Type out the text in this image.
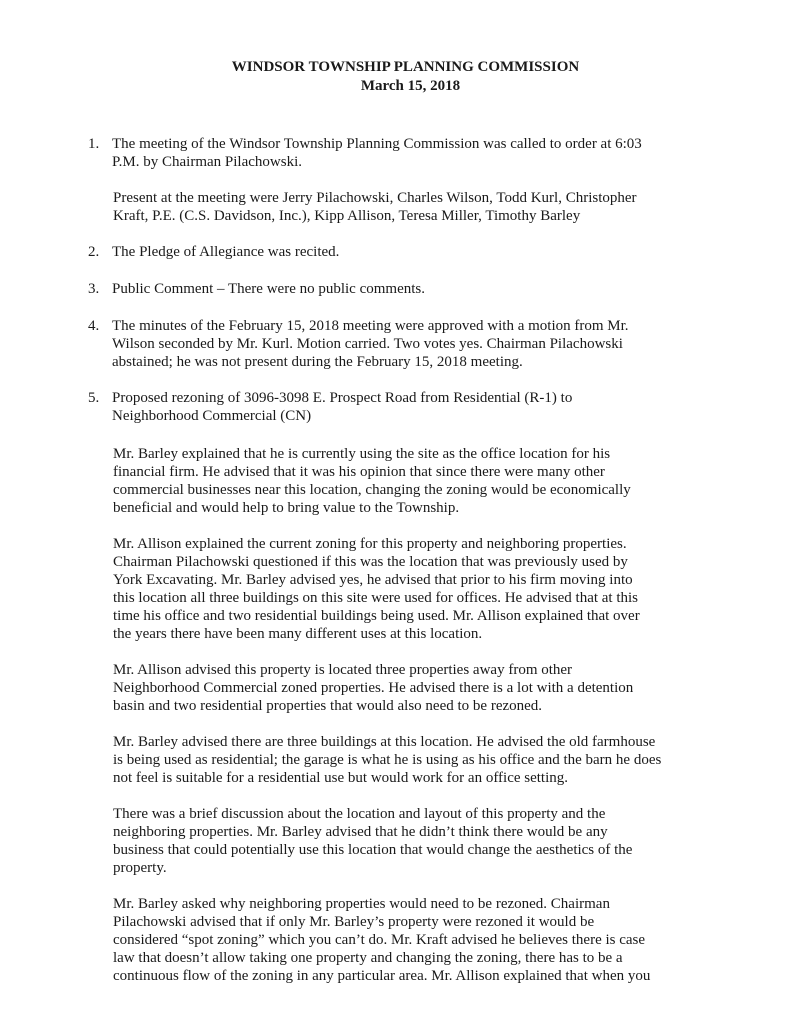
WINDSOR TOWNSHIP PLANNING COMMISSION
March 15, 2018
1. The meeting of the Windsor Township Planning Commission was called to order at 6:03
P.M. by Chairman Pilachowski.
Present at the meeting were Jerry Pilachowski, Charles Wilson, Todd Kurl, Christopher
Kraft, P.E. (C.S. Davidson, Inc.), Kipp Allison, Teresa Miller, Timothy Barley
2. The Pledge of Allegiance was recited.
3. Public Comment – There were no public comments.
4. The minutes of the February 15, 2018 meeting were approved with a motion from Mr.
Wilson seconded by Mr. Kurl. Motion carried. Two votes yes. Chairman Pilachowski
abstained; he was not present during the February 15, 2018 meeting.
5. Proposed rezoning of 3096-3098 E. Prospect Road from Residential (R-1) to
Neighborhood Commercial (CN)
Mr. Barley explained that he is currently using the site as the office location for his
financial firm. He advised that it was his opinion that since there were many other
commercial businesses near this location, changing the zoning would be economically
beneficial and would help to bring value to the Township.
Mr. Allison explained the current zoning for this property and neighboring properties.
Chairman Pilachowski questioned if this was the location that was previously used by
York Excavating. Mr. Barley advised yes, he advised that prior to his firm moving into
this location all three buildings on this site were used for offices. He advised that at this
time his office and two residential buildings being used. Mr. Allison explained that over
the years there have been many different uses at this location.
Mr. Allison advised this property is located three properties away from other
Neighborhood Commercial zoned properties. He advised there is a lot with a detention
basin and two residential properties that would also need to be rezoned.
Mr. Barley advised there are three buildings at this location. He advised the old farmhouse
is being used as residential; the garage is what he is using as his office and the barn he does
not feel is suitable for a residential use but would work for an office setting.
There was a brief discussion about the location and layout of this property and the
neighboring properties. Mr. Barley advised that he didn’t think there would be any
business that could potentially use this location that would change the aesthetics of the
property.
Mr. Barley asked why neighboring properties would need to be rezoned. Chairman
Pilachowski advised that if only Mr. Barley’s property were rezoned it would be
considered “spot zoning” which you can’t do. Mr. Kraft advised he believes there is case
law that doesn’t allow taking one property and changing the zoning, there has to be a
continuous flow of the zoning in any particular area. Mr. Allison explained that when you
